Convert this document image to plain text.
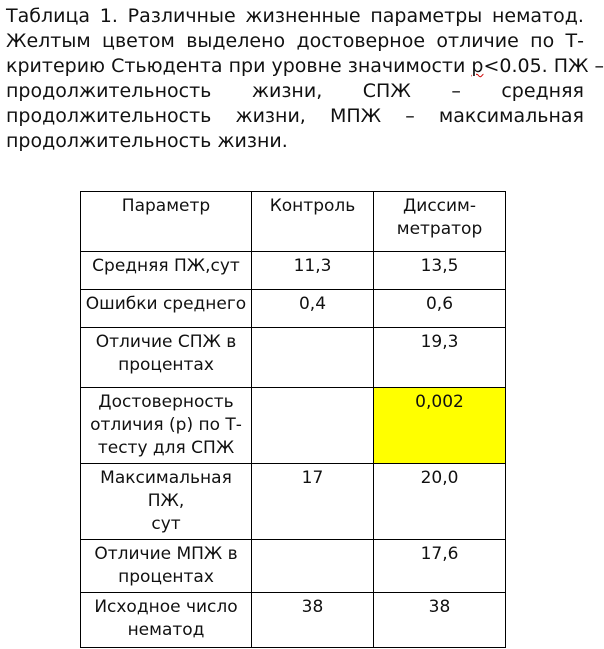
Таблица 1. Различные жизненные параметры нематод.
Желтым цветом выделено достоверное отличие по Т-
критерию Стьюдента при уровне значимости р<0.05. ПЖ –
продолжительность жизни, СПЖ – средняя
продолжительность жизни, МПЖ – максимальная
продолжительность жизни.
Параметр	Контроль	Диссим-
метратор
Средняя ПЖ,сут	11,3	13,5
Ошибки среднего	0,4	0,6
Отличие СПЖ в
процентах		19,3
Достоверность
отличия (р) по Т-
тесту для СПЖ		0,002
Максимальная ПЖ,
сут	17	20,0
Отличие МПЖ в
процентах		17,6
Исходное число
нематод	38	38
